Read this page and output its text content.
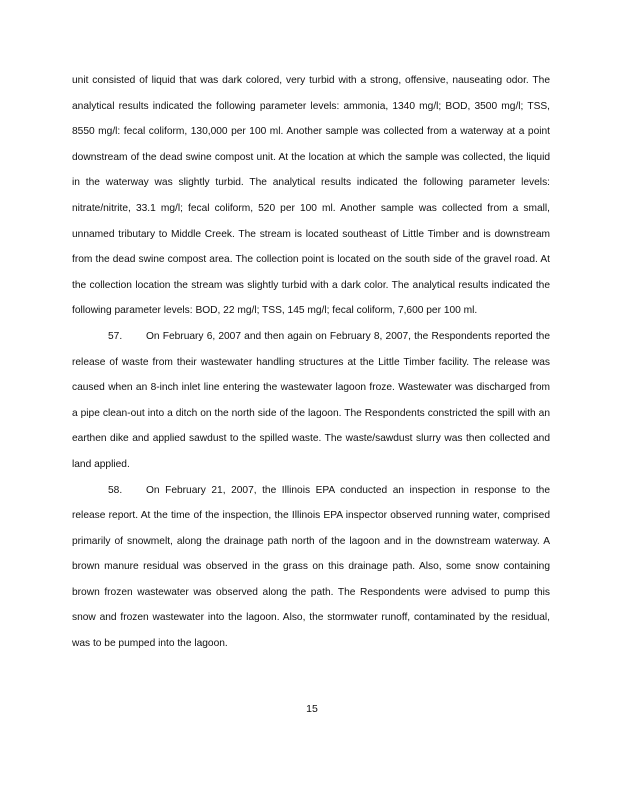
unit consisted of liquid that was dark colored, very turbid with a strong, offensive, nauseating odor. The analytical results indicated the following parameter levels: ammonia, 1340 mg/l; BOD, 3500 mg/l; TSS, 8550 mg/l: fecal coliform, 130,000 per 100 ml. Another sample was collected from a waterway at a point downstream of the dead swine compost unit. At the location at which the sample was collected, the liquid in the waterway was slightly turbid. The analytical results indicated the following parameter levels: nitrate/nitrite, 33.1 mg/l; fecal coliform, 520 per 100 ml. Another sample was collected from a small, unnamed tributary to Middle Creek. The stream is located southeast of Little Timber and is downstream from the dead swine compost area. The collection point is located on the south side of the gravel road. At the collection location the stream was slightly turbid with a dark color. The analytical results indicated the following parameter levels: BOD, 22 mg/l; TSS, 145 mg/l; fecal coliform, 7,600 per 100 ml.

57. On February 6, 2007 and then again on February 8, 2007, the Respondents reported the release of waste from their wastewater handling structures at the Little Timber facility. The release was caused when an 8-inch inlet line entering the wastewater lagoon froze. Wastewater was discharged from a pipe clean-out into a ditch on the north side of the lagoon. The Respondents constricted the spill with an earthen dike and applied sawdust to the spilled waste. The waste/sawdust slurry was then collected and land applied.

58. On February 21, 2007, the Illinois EPA conducted an inspection in response to the release report. At the time of the inspection, the Illinois EPA inspector observed running water, comprised primarily of snowmelt, along the drainage path north of the lagoon and in the downstream waterway. A brown manure residual was observed in the grass on this drainage path. Also, some snow containing brown frozen wastewater was observed along the path. The Respondents were advised to pump this snow and frozen wastewater into the lagoon. Also, the stormwater runoff, contaminated by the residual, was to be pumped into the lagoon.

15
